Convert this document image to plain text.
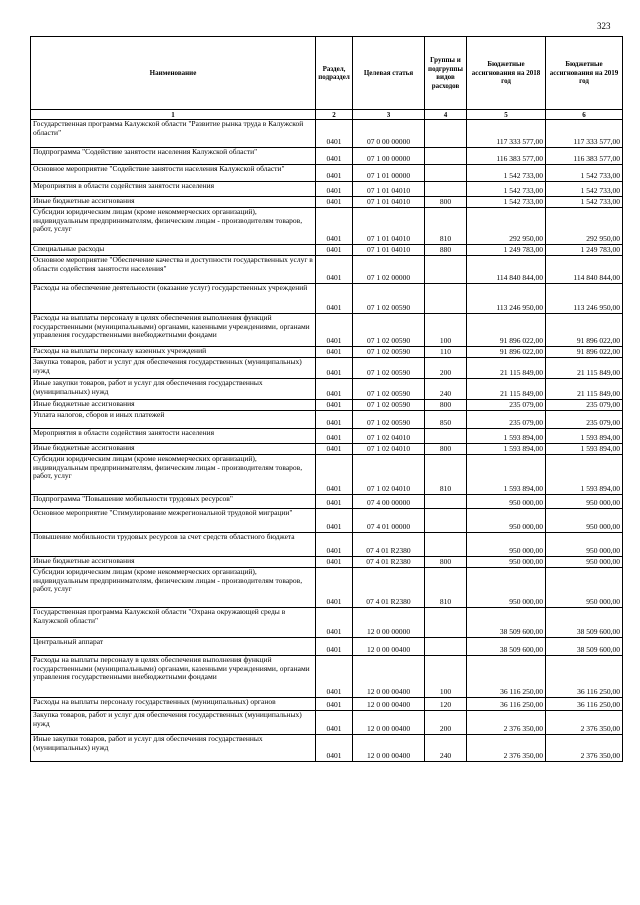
323
Наименование	Раздел, подраздел	Целевая статья	Группы и подгруппы видов расходов	Бюджетные ассигнования на 2018 год	Бюджетные ассигнования на 2019 год
1	2	3	4	5	6
Государственная программа Калужской области "Развитие рынка труда в Калужской области"	0401	07 0 00 00000		117 333 577,00	117 333 577,00
Подпрограмма "Содействие занятости населения Калужской области"	0401	07 1 00 00000		116 383 577,00	116 383 577,00
Основное мероприятие "Содействие занятости населения Калужской области"	0401	07 1 01 00000		1 542 733,00	1 542 733,00
Мероприятия в области содействия занятости населения	0401	07 1 01 04010		1 542 733,00	1 542 733,00
Иные бюджетные ассигнования	0401	07 1 01 04010	800	1 542 733,00	1 542 733,00
Субсидии юридическим лицам (кроме некоммерческих организаций), индивидуальным предпринимателям, физическим лицам - производителям товаров, работ, услуг	0401	07 1 01 04010	810	292 950,00	292 950,00
Специальные расходы	0401	07 1 01 04010	880	1 249 783,00	1 249 783,00
Основное мероприятие "Обеспечение качества и доступности государственных услуг в области содействия занятости населения"	0401	07 1 02 00000		114 840 844,00	114 840 844,00
Расходы на обеспечение деятельности (оказание услуг) государственных учреждений	0401	07 1 02 00590		113 246 950,00	113 246 950,00
Расходы на выплаты персоналу в целях обеспечения выполнения функций государственными (муниципальными) органами, казенными учреждениями, органами управления государственными внебюджетными фондами	0401	07 1 02 00590	100	91 896 022,00	91 896 022,00
Расходы на выплаты персоналу казенных учреждений	0401	07 1 02 00590	110	91 896 022,00	91 896 022,00
Закупка товаров, работ и услуг для обеспечения государственных (муниципальных) нужд	0401	07 1 02 00590	200	21 115 849,00	21 115 849,00
Иные закупки товаров, работ и услуг для обеспечения государственных (муниципальных) нужд	0401	07 1 02 00590	240	21 115 849,00	21 115 849,00
Иные бюджетные ассигнования	0401	07 1 02 00590	800	235 079,00	235 079,00
Уплата налогов, сборов и иных платежей	0401	07 1 02 00590	850	235 079,00	235 079,00
Мероприятия в области содействия занятости населения	0401	07 1 02 04010		1 593 894,00	1 593 894,00
Иные бюджетные ассигнования	0401	07 1 02 04010	800	1 593 894,00	1 593 894,00
Субсидии юридическим лицам (кроме некоммерческих организаций), индивидуальным предпринимателям, физическим лицам - производителям товаров, работ, услуг	0401	07 1 02 04010	810	1 593 894,00	1 593 894,00
Подпрограмма "Повышение мобильности трудовых ресурсов"	0401	07 4 00 00000		950 000,00	950 000,00
Основное мероприятие "Стимулирование межрегиональной трудовой миграции"	0401	07 4 01 00000		950 000,00	950 000,00
Повышение мобильности трудовых ресурсов за счет средств областного бюджета	0401	07 4 01 R2380		950 000,00	950 000,00
Иные бюджетные ассигнования	0401	07 4 01 R2380	800	950 000,00	950 000,00
Субсидии юридическим лицам (кроме некоммерческих организаций), индивидуальным предпринимателям, физическим лицам - производителям товаров, работ, услуг	0401	07 4 01 R2380	810	950 000,00	950 000,00
Государственная программа Калужской области "Охрана окружающей среды в Калужской области"	0401	12 0 00 00000		38 509 600,00	38 509 600,00
Центральный аппарат	0401	12 0 00 00400		38 509 600,00	38 509 600,00
Расходы на выплаты персоналу в целях обеспечения выполнения функций государственными (муниципальными) органами, казенными учреждениями, органами управления государственными внебюджетными фондами	0401	12 0 00 00400	100	36 116 250,00	36 116 250,00
Расходы на выплаты персоналу государственных (муниципальных) органов	0401	12 0 00 00400	120	36 116 250,00	36 116 250,00
Закупка товаров, работ и услуг для обеспечения государственных (муниципальных) нужд	0401	12 0 00 00400	200	2 376 350,00	2 376 350,00
Иные закупки товаров, работ и услуг для обеспечения государственных (муниципальных) нужд	0401	12 0 00 00400	240	2 376 350,00	2 376 350,00
